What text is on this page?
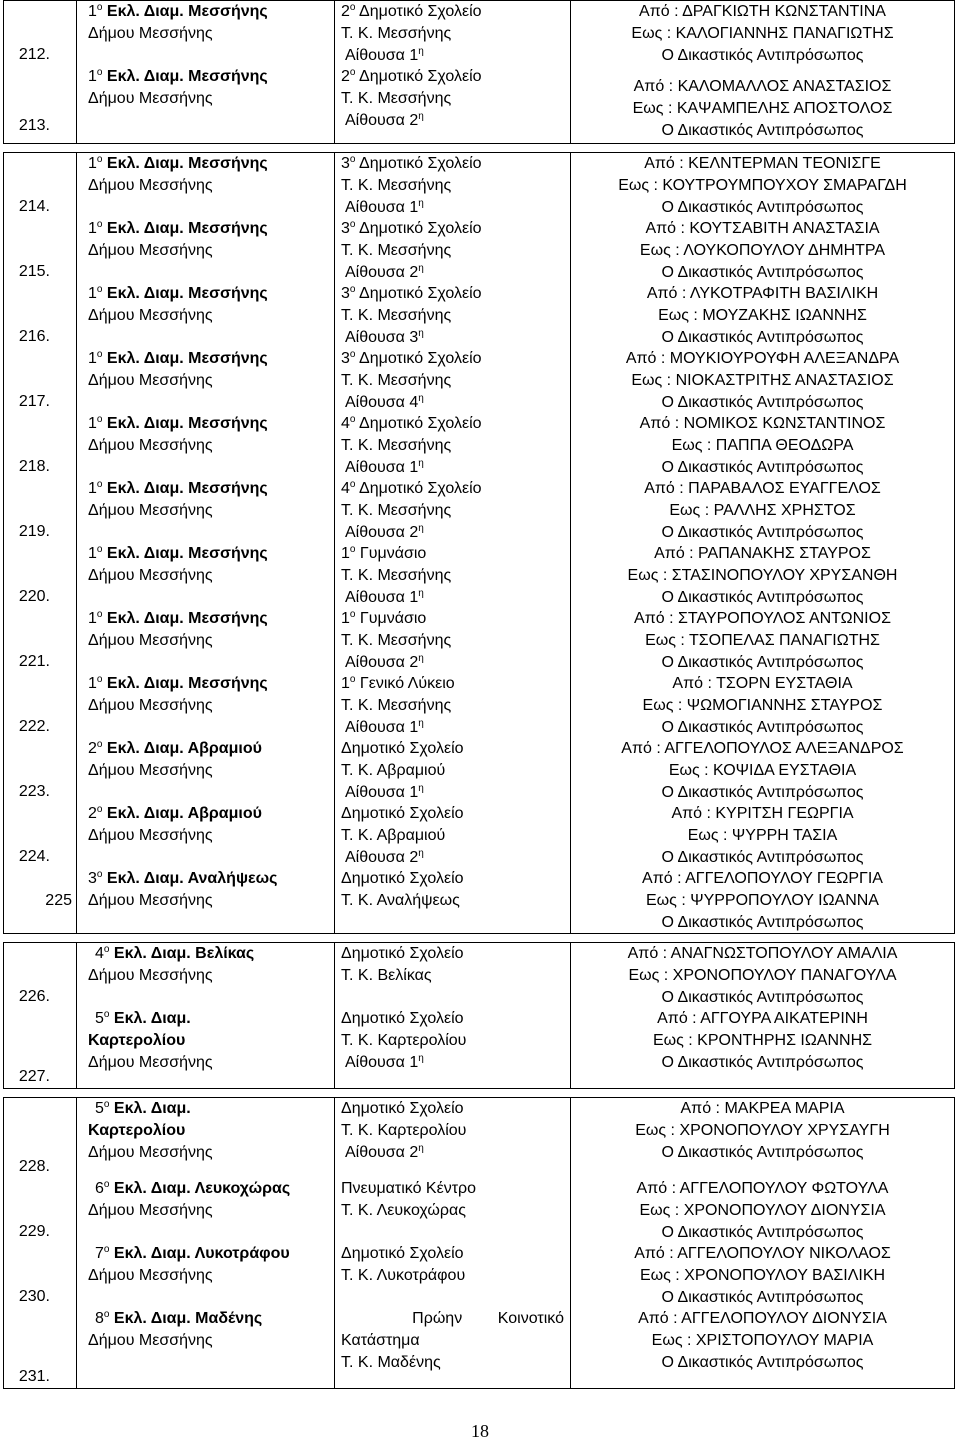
212.
$1^o$ Εκλ. Διαμ. Μεσσήνης
Δήμου Μεσσήνης
$2^o$ Δημοτικό Σχολείο
Τ. Κ. Μεσσήνης
Αίθουσα $1^\eta$
Από : ΔΡΑΓΚΙΩΤΗ ΚΩΝΣΤΑΝΤΙΝΑ
Εως : ΚΑΛΟΓΙΑΝΝΗΣ ΠΑΝΑΓΙΩΤΗΣ
Ο Δικαστικός Αντιπρόσωπος
213.
$1^o$ Εκλ. Διαμ. Μεσσήνης
Δήμου Μεσσήνης
$2^o$ Δημοτικό Σχολείο
Τ. Κ. Μεσσήνης
Αίθουσα $2^\eta$
Από : ΚΑΛΟΜΑΛΛΟΣ ΑΝΑΣΤΑΣΙΟΣ
Εως : ΚΑΨΑΜΠΕΛΗΣ ΑΠΟΣΤΟΛΟΣ
Ο Δικαστικός Αντιπρόσωπος
214.
$1^o$ Εκλ. Διαμ. Μεσσήνης
Δήμου Μεσσήνης
$3^o$ Δημοτικό Σχολείο
Τ. Κ. Μεσσήνης
Αίθουσα $1^\eta$
Από : ΚΕΛΝΤΕΡΜΑΝ ΤΕΟΝΙΣΓΕ
Εως : ΚΟΥΤΡΟΥΜΠΟΥΧΟΥ ΣΜΑΡΑΓΔΗ
Ο Δικαστικός Αντιπρόσωπος
215.
$1^o$ Εκλ. Διαμ. Μεσσήνης
Δήμου Μεσσήνης
$3^o$ Δημοτικό Σχολείο
Τ. Κ. Μεσσήνης
Αίθουσα $2^\eta$
Από : ΚΟΥΤΣΑΒΙΤΗ ΑΝΑΣΤΑΣΙΑ
Εως : ΛΟΥΚΟΠΟΥΛΟΥ ΔΗΜΗΤΡΑ
Ο Δικαστικός Αντιπρόσωπος
216.
$1^o$ Εκλ. Διαμ. Μεσσήνης
Δήμου Μεσσήνης
$3^o$ Δημοτικό Σχολείο
Τ. Κ. Μεσσήνης
Αίθουσα $3^\eta$
Από : ΛΥΚΟΤΡΑΦΙΤΗ ΒΑΣΙΛΙΚΗ
Εως : ΜΟΥΖΑΚΗΣ ΙΩΑΝΝΗΣ
Ο Δικαστικός Αντιπρόσωπος
217.
$1^o$ Εκλ. Διαμ. Μεσσήνης
Δήμου Μεσσήνης
$3^o$ Δημοτικό Σχολείο
Τ. Κ. Μεσσήνης
Αίθουσα $4^\eta$
Από : ΜΟΥΚΙΟΥΡΟΥΦΗ ΑΛΕΞΑΝΔΡΑ
Εως : ΝΙΟΚΑΣΤΡΙΤΗΣ ΑΝΑΣΤΑΣΙΟΣ
Ο Δικαστικός Αντιπρόσωπος
218.
$1^o$ Εκλ. Διαμ. Μεσσήνης
Δήμου Μεσσήνης
$4^o$ Δημοτικό Σχολείο
Τ. Κ. Μεσσήνης
Αίθουσα $1^\eta$
Από : ΝΟΜΙΚΟΣ ΚΩΝΣΤΑΝΤΙΝΟΣ
Εως : ΠΑΠΠΑ ΘΕΟΔΩΡΑ
Ο Δικαστικός Αντιπρόσωπος
219.
$1^o$ Εκλ. Διαμ. Μεσσήνης
Δήμου Μεσσήνης
$4^o$ Δημοτικό Σχολείο
Τ. Κ. Μεσσήνης
Αίθουσα $2^\eta$
Από : ΠΑΡΑΒΑΛΟΣ ΕΥΑΓΓΕΛΟΣ
Εως : ΡΑΛΛΗΣ ΧΡΗΣΤΟΣ
Ο Δικαστικός Αντιπρόσωπος
220.
$1^o$ Εκλ. Διαμ. Μεσσήνης
Δήμου Μεσσήνης
$1^o$ Γυμνάσιο
Τ. Κ. Μεσσήνης
Αίθουσα $1^\eta$
Από : ΡΑΠΑΝΑΚΗΣ ΣΤΑΥΡΟΣ
Εως : ΣΤΑΣΙΝΟΠΟΥΛΟΥ ΧΡΥΣΑΝΘΗ
Ο Δικαστικός Αντιπρόσωπος
221.
$1^o$ Εκλ. Διαμ. Μεσσήνης
Δήμου Μεσσήνης
$1^o$ Γυμνάσιο
Τ. Κ. Μεσσήνης
Αίθουσα $2^\eta$
Από : ΣΤΑΥΡΟΠΟΥΛΟΣ ΑΝΤΩΝΙΟΣ
Εως : ΤΣΟΠΕΛΑΣ ΠΑΝΑΓΙΩΤΗΣ
Ο Δικαστικός Αντιπρόσωπος
222.
$1^o$ Εκλ. Διαμ. Μεσσήνης
Δήμου Μεσσήνης
$1^o$ Γενικό Λύκειο
Τ. Κ. Μεσσήνης
Αίθουσα $1^\eta$
Από : ΤΣΟΡΝ ΕΥΣΤΑΘΙΑ
Εως : ΨΩΜΟΓΙΑΝΝΗΣ ΣΤΑΥΡΟΣ
Ο Δικαστικός Αντιπρόσωπος
223.
$2^o$ Εκλ. Διαμ. Αβραμιού
Δήμου Μεσσήνης
Δημοτικό Σχολείο
Τ. Κ. Αβραμιού
Αίθουσα $1^\eta$
Από : ΑΓΓΕΛΟΠΟΥΛΟΣ ΑΛΕΞΑΝΔΡΟΣ
Εως : ΚΟΨΙΔΑ ΕΥΣΤΑΘΙΑ
Ο Δικαστικός Αντιπρόσωπος
224.
$2^o$ Εκλ. Διαμ. Αβραμιού
Δήμου Μεσσήνης
Δημοτικό Σχολείο
Τ. Κ. Αβραμιού
Αίθουσα $2^\eta$
Από : ΚΥΡΙΤΣΗ ΓΕΩΡΓΙΑ
Εως : ΨΥΡΡΗ ΤΑΣΙΑ
Ο Δικαστικός Αντιπρόσωπος
225
$3^o$ Εκλ. Διαμ. Αναλήψεως
Δήμου Μεσσήνης
Δημοτικό Σχολείο
Τ. Κ. Αναλήψεως
Από : ΑΓΓΕΛΟΠΟΥΛΟΥ ΓΕΩΡΓΙΑ
Εως : ΨΥΡΡΟΠΟΥΛΟΥ ΙΩΑΝΝΑ
Ο Δικαστικός Αντιπρόσωπος
226.
$4^o$ Εκλ. Διαμ. Βελίκας
Δήμου Μεσσήνης
Δημοτικό Σχολείο
Τ. Κ. Βελίκας
Από : ΑΝΑΓΝΩΣΤΟΠΟΥΛΟΥ ΑΜΑΛΙΑ
Εως : ΧΡΟΝΟΠΟΥΛΟΥ ΠΑΝΑΓΟΥΛΑ
Ο Δικαστικός Αντιπρόσωπος
227.
$5^o$ Εκλ. Διαμ.
Καρτερολίου
Δήμου Μεσσήνης
Δημοτικό Σχολείο
Τ. Κ. Καρτερολίου
Αίθουσα $1^\eta$
Από : ΑΓΓΟΥΡΑ ΑΙΚΑΤΕΡΙΝΗ
Εως : ΚΡΟΝΤΗΡΗΣ ΙΩΑΝΝΗΣ
Ο Δικαστικός Αντιπρόσωπος
228.
$5^o$ Εκλ. Διαμ.
Καρτερολίου
Δήμου Μεσσήνης
Δημοτικό Σχολείο
Τ. Κ. Καρτερολίου
Αίθουσα $2^\eta$
Από : ΜΑΚΡΕΑ ΜΑΡΙΑ
Εως : ΧΡΟΝΟΠΟΥΛΟΥ ΧΡΥΣΑΥΓΗ
Ο Δικαστικός Αντιπρόσωπος
229.
$6^o$ Εκλ. Διαμ. Λευκοχώρας
Δήμου Μεσσήνης
Πνευματικό Κέντρο
Τ. Κ. Λευκοχώρας
Από : ΑΓΓΕΛΟΠΟΥΛΟΥ ΦΩΤΟΥΛΑ
Εως : ΧΡΟΝΟΠΟΥΛΟΥ ΔΙΟΝΥΣΙΑ
Ο Δικαστικός Αντιπρόσωπος
230.
$7^o$ Εκλ. Διαμ. Λυκοτράφου
Δήμου Μεσσήνης
Δημοτικό Σχολείο
Τ. Κ. Λυκοτράφου
Από : ΑΓΓΕΛΟΠΟΥΛΟΥ ΝΙΚΟΛΑΟΣ
Εως : ΧΡΟΝΟΠΟΥΛΟΥ ΒΑΣΙΛΙΚΗ
Ο Δικαστικός Αντιπρόσωπος
231.
$8^o$ Εκλ. Διαμ. Μαδένης
Δήμου Μεσσήνης
Πρώην Κοινοτικό
Κατάστημα
Τ. Κ. Μαδένης
Από : ΑΓΓΕΛΟΠΟΥΛΟΥ ΔΙΟΝΥΣΙΑ
Εως : ΧΡΙΣΤΟΠΟΥΛΟΥ ΜΑΡΙΑ
Ο Δικαστικός Αντιπρόσωπος
18
